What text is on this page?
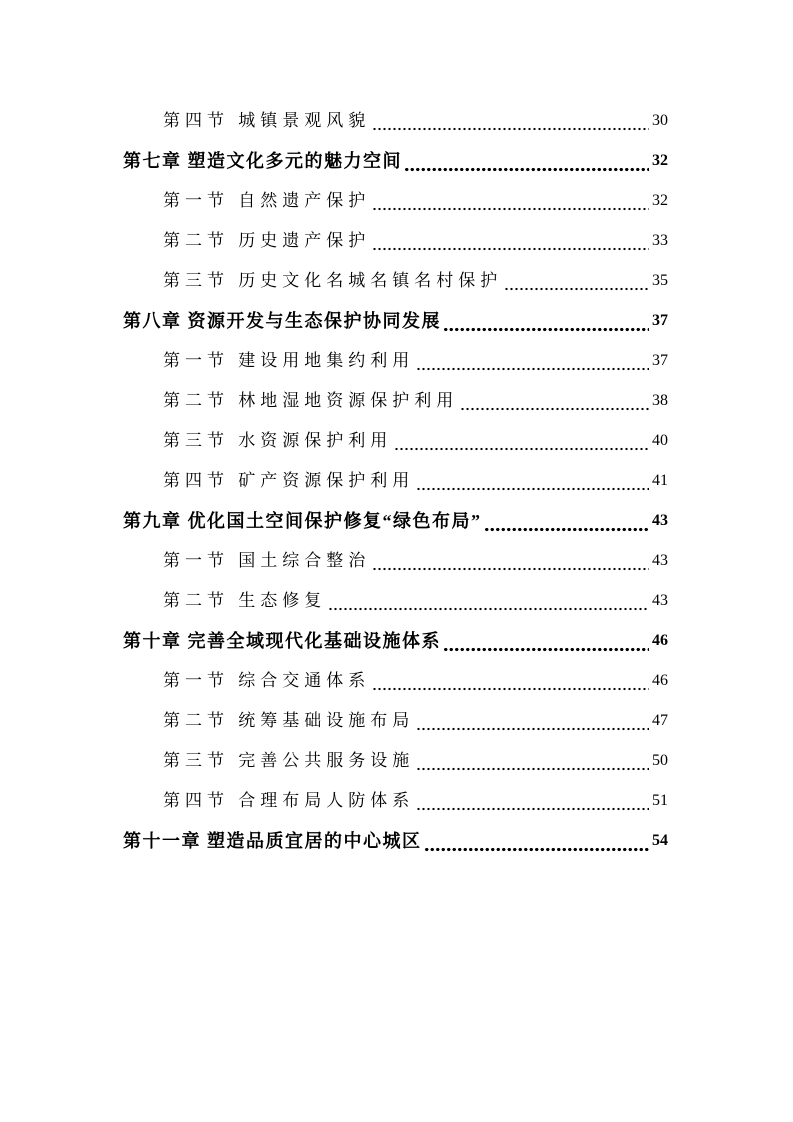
第四节 城镇景观风貌	30
第七章 塑造文化多元的魅力空间	32
第一节 自然遗产保护	32
第二节 历史遗产保护	33
第三节 历史文化名城名镇名村保护	35
第八章 资源开发与生态保护协同发展	37
第一节 建设用地集约利用	37
第二节 林地湿地资源保护利用	38
第三节 水资源保护利用	40
第四节 矿产资源保护利用	41
第九章 优化国土空间保护修复“绿色布局”	43
第一节 国土综合整治	43
第二节 生态修复	43
第十章 完善全域现代化基础设施体系	46
第一节 综合交通体系	46
第二节 统筹基础设施布局	47
第三节 完善公共服务设施	50
第四节 合理布局人防体系	51
第十一章 塑造品质宜居的中心城区	54
